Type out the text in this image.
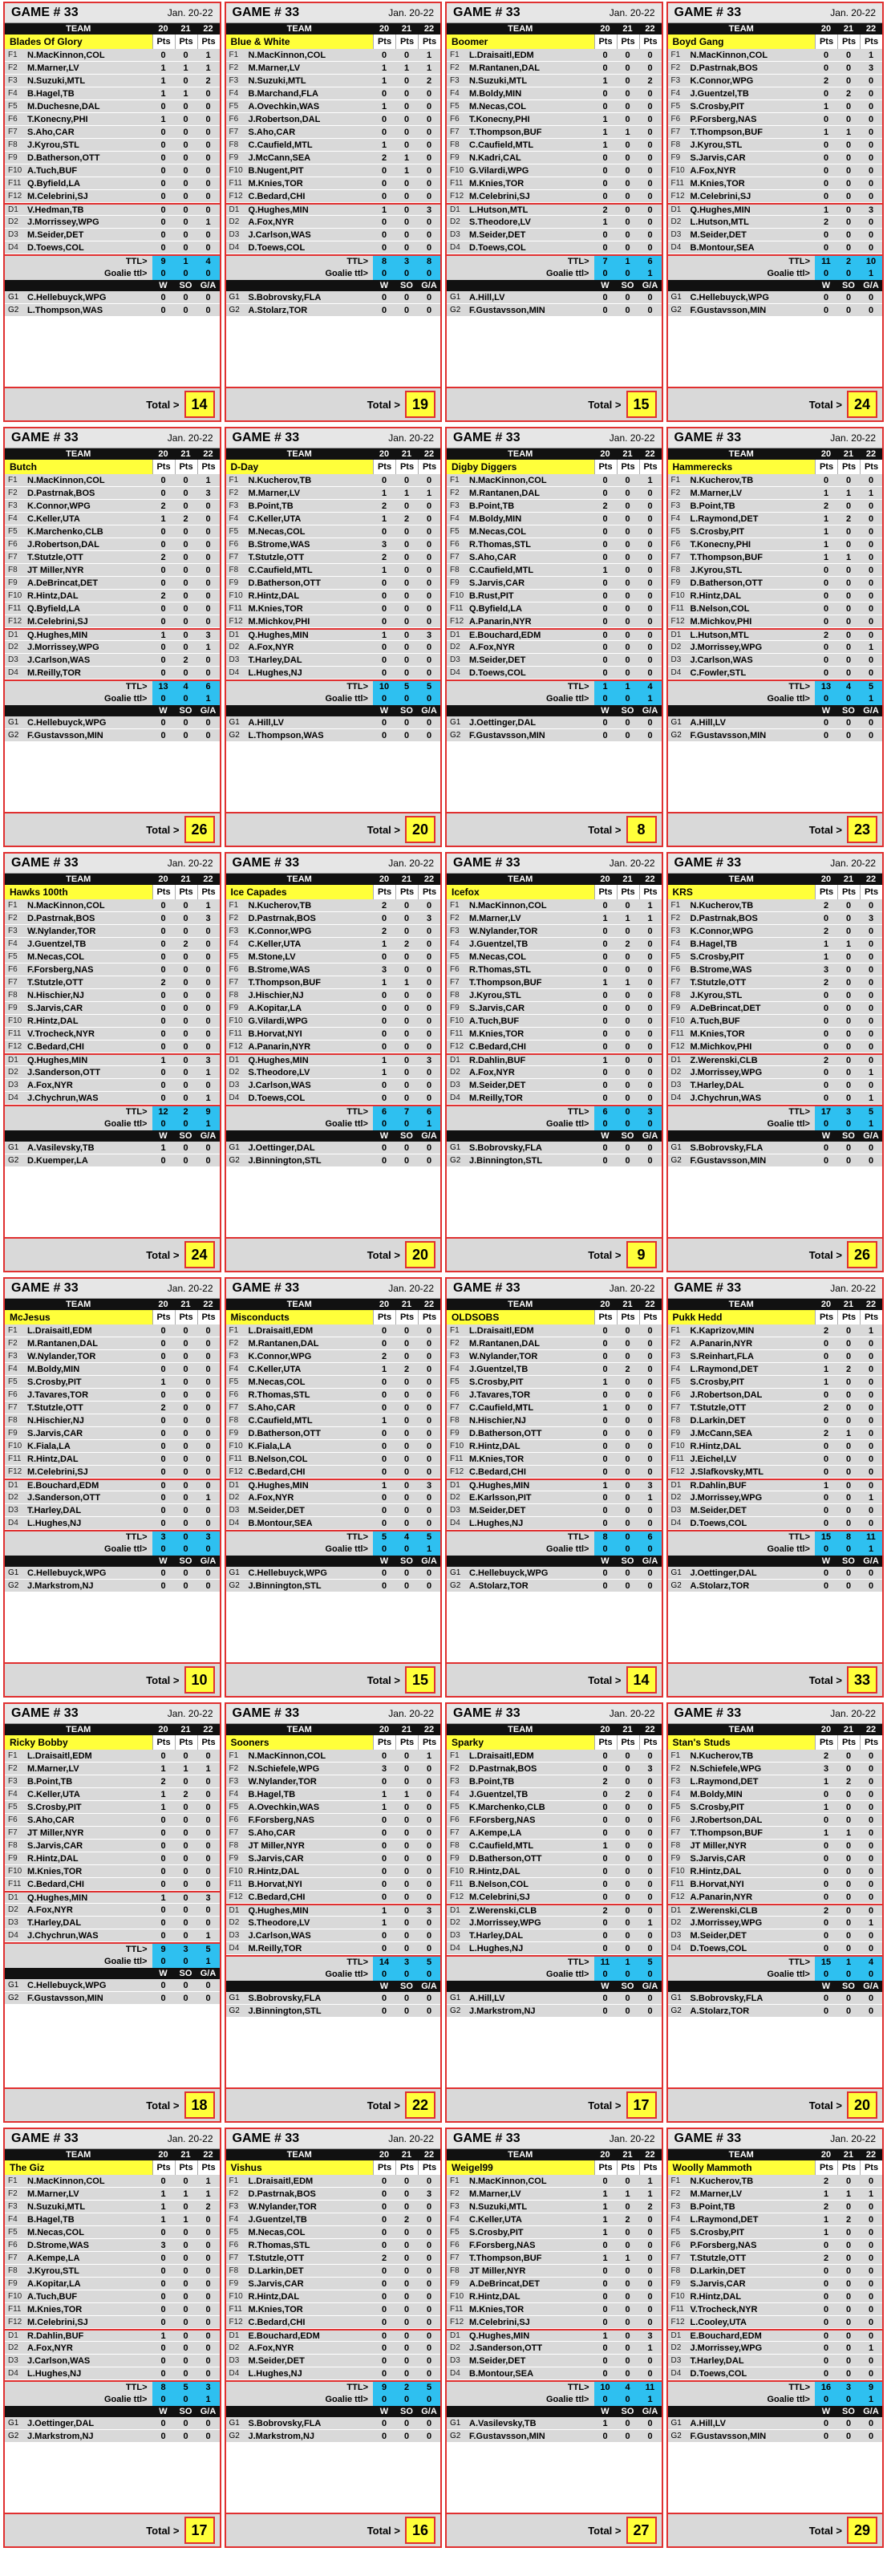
GAME # 33	Jan. 20-22
TEAM	20	21	22
Blades Of Glory	Pts Pts Pts
F1	N.MacKinnon,COL	0	0	1
F2	M.Marner,LV	1	1	1
F3	N.Suzuki,MTL	1	0	2
F4	B.Hagel,TB	1	1	0
F5	M.Duchesne,DAL	0	0	0
F6	T.Konecny,PHI	1	0	0
F7	S.Aho,CAR	0	0	0
F8	J.Kyrou,STL	0	0	0
F9	D.Batherson,OTT	0	0	0
F10 A.Tuch,BUF	0	0	0
F11 Q.Byfield,LA	0	0	0
F12 M.Celebrini,SJ	0	0	0
D1	V.Hedman,TB	0	0	0
D2	J.Morrissey,WPG	0	0	1
D3	M.Seider,DET	0	0	0
D4	D.Toews,COL	0	0	0
TTL>	9	1	4
Goalie ttl>	0	0	0
W	SO G/A
G1 C.Hellebuyck,WPG	0	0	0
G2 L.Thompson,WAS	0	0	0
Total > 14
GAME # 33	Jan. 20-22
TEAM	20	21	22
Blue & White	Pts Pts Pts
F1	N.MacKinnon,COL	0	0	1
F2	M.Marner,LV	1	1	1
F3	N.Suzuki,MTL	1	0	2
F4	B.Marchand,FLA	0	0	0
F5	A.Ovechkin,WAS	1	0	0
F6	J.Robertson,DAL	0	0	0
F7	S.Aho,CAR	0	0	0
F8	C.Caufield,MTL	1	0	0
F9	J.McCann,SEA	2	1	0
F10 B.Nugent,PIT	0	1	0
F11 M.Knies,TOR	0	0	0
F12 C.Bedard,CHI	0	0	0
D1	Q.Hughes,MIN	1	0	3
D2	A.Fox,NYR	0	0	0
D3	J.Carlson,WAS	0	0	0
D4	D.Toews,COL	0	0	0
TTL>	8	3	8
Goalie ttl>	0	0	0
W	SO G/A
G1 S.Bobrovsky,FLA	0	0	0
G2 A.Stolarz,TOR	0	0	0
Total > 19
GAME # 33	Jan. 20-22
TEAM	20	21	22
Boomer	Pts Pts Pts
F1	L.Draisaitl,EDM	0	0	0
F2	M.Rantanen,DAL	0	0	0
F3	N.Suzuki,MTL	1	0	2
F4	M.Boldy,MIN	0	0	0
F5	M.Necas,COL	0	0	0
F6	T.Konecny,PHI	1	0	0
F7	T.Thompson,BUF	1	1	0
F8	C.Caufield,MTL	1	0	0
F9	N.Kadri,CAL	0	0	0
F10 G.Vilardi,WPG	0	0	0
F11 M.Knies,TOR	0	0	0
F12 M.Celebrini,SJ	0	0	0
D1	L.Hutson,MTL	2	0	0
D2	S.Theodore,LV	1	0	0
D3	M.Seider,DET	0	0	0
D4	D.Toews,COL	0	0	0
TTL>	7	1	6
Goalie ttl>	0	0	1
W	SO G/A
G1 A.Hill,LV	0	0	0
G2 F.Gustavsson,MIN	0	0	0
Total > 15
GAME # 33	Jan. 20-22
TEAM	20	21	22
Boyd Gang	Pts Pts Pts
F1	N.MacKinnon,COL	0	0	1
F2	D.Pastrnak,BOS	0	0	3
F3	K.Connor,WPG	2	0	0
F4	J.Guentzel,TB	0	2	0
F5	S.Crosby,PIT	1	0	0
F6	P.Forsberg,NAS	0	0	0
F7	T.Thompson,BUF	1	1	0
F8	J.Kyrou,STL	0	0	0
F9	S.Jarvis,CAR	0	0	0
F10 A.Fox,NYR	0	0	0
F11 M.Knies,TOR	0	0	0
F12 M.Celebrini,SJ	0	0	0
D1	Q.Hughes,MIN	1	0	3
D2	L.Hutson,MTL	2	0	0
D3	M.Seider,DET	0	0	0
D4	B.Montour,SEA	0	0	0
TTL>	11	2	10
Goalie ttl>	0	0	1
W	SO G/A
G1 C.Hellebuyck,WPG	0	0	0
G2 F.Gustavsson,MIN	0	0	0
Total > 24
GAME # 33	Jan. 20-22
TEAM	20	21	22
Butch	Pts Pts Pts
F1	N.MacKinnon,COL	0	0	1
F2	D.Pastrnak,BOS	0	0	3
F3	K.Connor,WPG	2	0	0
F4	C.Keller,UTA	1	2	0
F5	K.Marchenko,CLB	0	0	0
F6	J.Robertson,DAL	0	0	0
F7	T.Stutzle,OTT	2	0	0
F8	JT Miller,NYR	0	0	0
F9	A.DeBrincat,DET	0	0	0
F10 R.Hintz,DAL	2	0	0
F11 Q.Byfield,LA	0	0	0
F12 M.Celebrini,SJ	0	0	0
D1	Q.Hughes,MIN	1	0	3
D2	J.Morrissey,WPG	0	0	1
D3	J.Carlson,WAS	0	2	0
D4	M.Reilly,TOR	0	0	0
TTL>	13	4	6
Goalie ttl>	0	0	1
W	SO G/A
G1 C.Hellebuyck,WPG	0	0	0
G2 F.Gustavsson,MIN	0	0	0
Total > 26
GAME # 33	Jan. 20-22
TEAM	20	21	22
D-Day	Pts Pts Pts
F1	N.Kucherov,TB	0	0	0
F2	M.Marner,LV	1	1	1
F3	B.Point,TB	2	0	0
F4	C.Keller,UTA	1	2	0
F5	M.Necas,COL	0	0	0
F6	B.Strome,WAS	3	0	0
F7	T.Stutzle,OTT	2	0	0
F8	C.Caufield,MTL	1	0	0
F9	D.Batherson,OTT	0	0	0
F10 R.Hintz,DAL	0	0	0
F11 M.Knies,TOR	0	0	0
F12 M.Michkov,PHI	0	0	0
D1	Q.Hughes,MIN	1	0	3
D2	A.Fox,NYR	0	0	0
D3	T.Harley,DAL	0	0	0
D4	L.Hughes,NJ	0	0	0
TTL>	10	5	5
Goalie ttl>	0	0	0
W	SO G/A
G1 A.Hill,LV	0	0	0
G2 L.Thompson,WAS	0	0	0
Total > 20
GAME # 33	Jan. 20-22
TEAM	20	21	22
Digby Diggers	Pts Pts Pts
F1	N.MacKinnon,COL	0	0	1
F2	M.Rantanen,DAL	0	0	0
F3	B.Point,TB	2	0	0
F4	M.Boldy,MIN	0	0	0
F5	M.Necas,COL	0	0	0
F6	R.Thomas,STL	0	0	0
F7	S.Aho,CAR	0	0	0
F8	C.Caufield,MTL	1	0	0
F9	S.Jarvis,CAR	0	0	0
F10 B.Rust,PIT	0	0	0
F11 Q.Byfield,LA	0	0	0
F12 A.Panarin,NYR	0	0	0
D1	E.Bouchard,EDM	0	0	0
D2	A.Fox,NYR	0	0	0
D3	M.Seider,DET	0	0	0
D4	D.Toews,COL	0	0	0
TTL>	1	1	4
Goalie ttl>	0	0	1
W	SO G/A
G1 J.Oettinger,DAL	0	0	0
G2 F.Gustavsson,MIN	0	0	0
Total >	8
GAME # 33	Jan. 20-22
TEAM	20	21	22
Hammerecks	Pts Pts Pts
F1	N.Kucherov,TB	0	0	0
F2	M.Marner,LV	1	1	1
F3	B.Point,TB	2	0	0
F4	L.Raymond,DET	1	2	0
F5	S.Crosby,PIT	1	0	0
F6	T.Konecny,PHI	1	0	0
F7	T.Thompson,BUF	1	1	0
F8	J.Kyrou,STL	0	0	0
F9	D.Batherson,OTT	0	0	0
F10 R.Hintz,DAL	0	0	0
F11 B.Nelson,COL	0	0	0
F12 M.Michkov,PHI	0	0	0
D1	L.Hutson,MTL	2	0	0
D2	J.Morrissey,WPG	0	0	1
D3	J.Carlson,WAS	0	0	0
D4	C.Fowler,STL	0	0	0
TTL>	13	4	5
Goalie ttl>	0	0	1
W	SO G/A
G1 A.Hill,LV	0	0	0
G2 F.Gustavsson,MIN	0	0	0
Total > 23
GAME # 33	Jan. 20-22
TEAM	20	21	22
Hawks 100th	Pts Pts Pts
F1	N.MacKinnon,COL	0	0	1
F2	D.Pastrnak,BOS	0	0	3
F3	W.Nylander,TOR	0	0	0
F4	J.Guentzel,TB	0	2	0
F5	M.Necas,COL	0	0	0
F6	F.Forsberg,NAS	0	0	0
F7	T.Stutzle,OTT	2	0	0
F8	N.Hischier,NJ	0	0	0
F9	S.Jarvis,CAR	0	0	0
F10 R.Hintz,DAL	0	0	0
F11 V.Trocheck,NYR	0	0	0
F12 C.Bedard,CHI	0	0	0
D1	Q.Hughes,MIN	1	0	3
D2	J.Sanderson,OTT	0	0	1
D3	A.Fox,NYR	0	0	0
D4	J.Chychrun,WAS	0	0	1
TTL>	12	2	9
Goalie ttl>	0	0	1
W	SO G/A
G1 A.Vasilevsky,TB	1	0	0
G2 D.Kuemper,LA	0	0	0
Total > 24
GAME # 33	Jan. 20-22
TEAM	20	21	22
Ice Capades	Pts Pts Pts
F1	N.Kucherov,TB	2	0	0
F2	D.Pastrnak,BOS	0	0	3
F3	K.Connor,WPG	2	0	0
F4	C.Keller,UTA	1	2	0
F5	M.Stone,LV	0	0	0
F6	B.Strome,WAS	3	0	0
F7	T.Thompson,BUF	1	1	0
F8	J.Hischier,NJ	0	0	0
F9	A.Kopitar,LA	0	0	0
F10 G.Vilardi,WPG	0	0	0
F11 B.Horvat,NYI	0	0	0
F12 A.Panarin,NYR	0	0	0
D1	Q.Hughes,MIN	1	0	3
D2	S.Theodore,LV	1	0	0
D3	J.Carlson,WAS	0	0	0
D4	D.Toews,COL	0	0	0
TTL>	6	7	6
Goalie ttl>	0	0	1
W	SO G/A
G1 J.Oettinger,DAL	0	0	0
G2 J.Binnington,STL	0	0	0
Total > 20
GAME # 33	Jan. 20-22
TEAM	20	21	22
Icefox	Pts Pts Pts
F1	N.MacKinnon,COL	0	0	1
F2	M.Marner,LV	1	1	1
F3	W.Nylander,TOR	0	0	0
F4	J.Guentzel,TB	0	2	0
F5	M.Necas,COL	0	0	0
F6	R.Thomas,STL	0	0	0
F7	T.Thompson,BUF	1	1	0
F8	J.Kyrou,STL	0	0	0
F9	S.Jarvis,CAR	0	0	0
F10 A.Tuch,BUF	0	0	0
F11 M.Knies,TOR	0	0	0
F12 C.Bedard,CHI	0	0	0
D1	R.Dahlin,BUF	1	0	0
D2	A.Fox,NYR	0	0	0
D3	M.Seider,DET	0	0	0
D4	M.Reilly,TOR	0	0	0
TTL>	6	0	3
Goalie ttl>	0	0	0
W	SO G/A
G1 S.Bobrovsky,FLA	0	0	0
G2 J.Binnington,STL	0	0	0
Total >	9
GAME # 33	Jan. 20-22
TEAM	20	21	22
KRS	Pts Pts Pts
F1	N.Kucherov,TB	2	0	0
F2	D.Pastrnak,BOS	0	0	3
F3	K.Connor,WPG	2	0	0
F4	B.Hagel,TB	1	1	0
F5	S.Crosby,PIT	1	0	0
F6	B.Strome,WAS	3	0	0
F7	T.Stutzle,OTT	2	0	0
F8	J.Kyrou,STL	0	0	0
F9	A.DeBrincat,DET	0	0	0
F10 A.Tuch,BUF	0	0	0
F11 M.Knies,TOR	0	0	0
F12 M.Michkov,PHI	0	0	0
D1	Z.Werenski,CLB	2	0	0
D2	J.Morrissey,WPG	0	0	1
D3	T.Harley,DAL	0	0	0
D4	J.Chychrun,WAS	0	0	1
TTL>	17	3	5
Goalie ttl>	0	0	1
W	SO G/A
G1 S.Bobrovsky,FLA	0	0	0
G2 F.Gustavsson,MIN	0	0	0
Total > 26
GAME # 33	Jan. 20-22
TEAM	20	21	22
McJesus	Pts Pts Pts
F1	L.Draisaitl,EDM	0	0	0
F2	M.Rantanen,DAL	0	0	0
F3	W.Nylander,TOR	0	0	0
F4	M.Boldy,MIN	0	0	0
F5	S.Crosby,PIT	1	0	0
F6	J.Tavares,TOR	0	0	0
F7	T.Stutzle,OTT	2	0	0
F8	N.Hischier,NJ	0	0	0
F9	S.Jarvis,CAR	0	0	0
F10 K.Fiala,LA	0	0	0
F11 R.Hintz,DAL	0	0	0
F12 M.Celebrini,SJ	0	0	0
D1	E.Bouchard,EDM	0	0	0
D2	J.Sanderson,OTT	0	0	1
D3	T.Harley,DAL	0	0	0
D4	L.Hughes,NJ	0	0	0
TTL>	3	0	3
Goalie ttl>	0	0	0
W	SO G/A
G1 C.Hellebuyck,WPG	0	0	0
G2 J.Markstrom,NJ	0	0	0
Total > 10
GAME # 33	Jan. 20-22
TEAM	20	21	22
Misconducts	Pts Pts Pts
F1	L.Draisaitl,EDM	0	0	0
F2	M.Rantanen,DAL	0	0	0
F3	K.Connor,WPG	2	0	0
F4	C.Keller,UTA	1	2	0
F5	M.Necas,COL	0	0	0
F6	R.Thomas,STL	0	0	0
F7	S.Aho,CAR	0	0	0
F8	C.Caufield,MTL	1	0	0
F9	D.Batherson,OTT	0	0	0
F10 K.Fiala,LA	0	0	0
F11 B.Nelson,COL	0	0	0
F12 C.Bedard,CHI	0	0	0
D1	Q.Hughes,MIN	1	0	3
D2	A.Fox,NYR	0	0	0
D3	M.Seider,DET	0	0	0
D4	B.Montour,SEA	0	0	0
TTL>	5	4	5
Goalie ttl>	0	0	1
W	SO G/A
G1 C.Hellebuyck,WPG	0	0	0
G2 J.Binnington,STL	0	0	0
Total > 15
GAME # 33	Jan. 20-22
TEAM	20	21	22
OLDSOBS	Pts Pts Pts
F1	L.Draisaitl,EDM	0	0	0
F2	M.Rantanen,DAL	0	0	0
F3	W.Nylander,TOR	0	0	0
F4	J.Guentzel,TB	0	2	0
F5	S.Crosby,PIT	1	0	0
F6	J.Tavares,TOR	0	0	0
F7	C.Caufield,MTL	1	0	0
F8	N.Hischier,NJ	0	0	0
F9	D.Batherson,OTT	0	0	0
F10 R.Hintz,DAL	0	0	0
F11 M.Knies,TOR	0	0	0
F12 C.Bedard,CHI	0	0	0
D1	Q.Hughes,MIN	1	0	3
D2	E.Karlsson,PIT	0	0	1
D3	M.Seider,DET	0	0	0
D4	L.Hughes,NJ	0	0	0
TTL>	8	0	6
Goalie ttl>	0	0	0
W	SO G/A
G1 C.Hellebuyck,WPG	0	0	0
G2 A.Stolarz,TOR	0	0	0
Total > 14
GAME # 33	Jan. 20-22
TEAM	20	21	22
Pukk Hedd	Pts Pts Pts
F1	K.Kaprizov,MIN	2	0	1
F2	A.Panarin,NYR	0	0	0
F3	S.Reinhart,FLA	0	0	0
F4	L.Raymond,DET	1	2	0
F5	S.Crosby,PIT	1	0	0
F6	J.Robertson,DAL	0	0	0
F7	T.Stutzle,OTT	2	0	0
F8	D.Larkin,DET	0	0	0
F9	J.McCann,SEA	2	1	0
F10 R.Hintz,DAL	0	0	0
F11 J.Eichel,LV	0	0	0
F12 J.Slafkovsky,MTL	0	0	0
D1	R.Dahlin,BUF	1	0	0
D2	J.Morrissey,WPG	0	0	1
D3	M.Seider,DET	0	0	0
D4	D.Toews,COL	0	0	0
TTL>	15	8	11
Goalie ttl>	0	0	1
W	SO G/A
G1 J.Oettinger,DAL	0	0	0
G2 A.Stolarz,TOR	0	0	0
Total > 33
GAME # 33	Jan. 20-22
TEAM	20	21	22
Ricky Bobby	Pts Pts Pts
F1	L.Draisaitl,EDM	0	0	0
F2	M.Marner,LV	1	1	1
F3	B.Point,TB	2	0	0
F4	C.Keller,UTA	1	2	0
F5	S.Crosby,PIT	1	0	0
F6	S.Aho,CAR	0	0	0
F7	JT Miller,NYR	0	0	0
F8	S.Jarvis,CAR	0	0	0
F9	R.Hintz,DAL	0	0	0
F10 M.Knies,TOR	0	0	0
F11 C.Bedard,CHI	0	0	0
D1	Q.Hughes,MIN	1	0	3
D2	A.Fox,NYR	0	0	0
D3	T.Harley,DAL	0	0	0
D4	J.Chychrun,WAS	0	0	1
TTL>	9	3	5
Goalie ttl>	0	0	1
W	SO G/A
G1 C.Hellebuyck,WPG	0	0	0
G2 F.Gustavsson,MIN	0	0	0
Total > 18
GAME # 33	Jan. 20-22
TEAM	20	21	22
Sooners	Pts Pts Pts
F1	N.MacKinnon,COL	0	0	1
F2	N.Schiefele,WPG	3	0	0
F3	W.Nylander,TOR	0	0	0
F4	B.Hagel,TB	1	1	0
F5	A.Ovechkin,WAS	1	0	0
F6	F.Forsberg,NAS	0	0	0
F7	S.Aho,CAR	0	0	0
F8	JT Miller,NYR	0	0	0
F9	S.Jarvis,CAR	0	0	0
F10 R.Hintz,DAL	0	0	0
F11 B.Horvat,NYI	0	0	0
F12 C.Bedard,CHI	0	0	0
D1	Q.Hughes,MIN	1	0	3
D2	S.Theodore,LV	1	0	0
D3	J.Carlson,WAS	0	0	0
D4	M.Reilly,TOR	0	0	0
TTL>	14	3	5
Goalie ttl>	0	0	0
W	SO G/A
G1 S.Bobrovsky,FLA	0	0	0
G2 J.Binnington,STL	0	0	0
Total > 22
GAME # 33	Jan. 20-22
TEAM	20	21	22
Sparky	Pts Pts Pts
F1	L.Draisaitl,EDM	0	0	0
F2	D.Pastrnak,BOS	0	0	3
F3	B.Point,TB	2	0	0
F4	J.Guentzel,TB	0	2	0
F5	K.Marchenko,CLB	0	0	0
F6	F.Forsberg,NAS	0	0	0
F7	A.Kempe,LA	0	0	0
F8	C.Caufield,MTL	1	0	0
F9	D.Batherson,OTT	0	0	0
F10 R.Hintz,DAL	0	0	0
F11 B.Nelson,COL	0	0	0
F12 M.Celebrini,SJ	0	0	0
D1	Z.Werenski,CLB	2	0	0
D2	J.Morrissey,WPG	0	0	1
D3	T.Harley,DAL	0	0	0
D4	L.Hughes,NJ	0	0	0
TTL>	11	1	5
Goalie ttl>	0	0	0
W	SO G/A
G1 A.Hill,LV	0	0	0
G2 J.Markstrom,NJ	0	0	0
Total > 17
GAME # 33	Jan. 20-22
TEAM	20	21	22
Stan's Studs	Pts Pts Pts
F1	N.Kucherov,TB	2	0	0
F2	N.Schiefele,WPG	3	0	0
F3	L.Raymond,DET	1	2	0
F4	M.Boldy,MIN	0	0	0
F5	S.Crosby,PIT	1	0	0
F6	J.Robertson,DAL	0	0	0
F7	T.Thompson,BUF	1	1	0
F8	JT Miller,NYR	0	0	0
F9	S.Jarvis,CAR	0	0	0
F10 R.Hintz,DAL	0	0	0
F11 B.Horvat,NYI	0	0	0
F12 A.Panarin,NYR	0	0	0
D1	Z.Werenski,CLB	2	0	0
D2	J.Morrissey,WPG	0	0	1
D3	M.Seider,DET	0	0	0
D4	D.Toews,COL	0	0	0
TTL>	15	1	4
Goalie ttl>	0	0	0
W	SO G/A
G1 S.Bobrovsky,FLA	0	0	0
G2 A.Stolarz,TOR	0	0	0
Total > 20
GAME # 33	Jan. 20-22
TEAM	20	21	22
The Giz	Pts Pts Pts
F1	N.MacKinnon,COL	0	0	1
F2	M.Marner,LV	1	1	1
F3	N.Suzuki,MTL	1	0	2
F4	B.Hagel,TB	1	1	0
F5	M.Necas,COL	0	0	0
F6	D.Strome,WAS	3	0	0
F7	A.Kempe,LA	0	0	0
F8	J.Kyrou,STL	0	0	0
F9	A.Kopitar,LA	0	0	0
F10 A.Tuch,BUF	0	0	0
F11 M.Knies,TOR	0	0	0
F12 M.Celebrini,SJ	0	0	0
D1	R.Dahlin,BUF	1	0	0
D2	A.Fox,NYR	0	0	0
D3	J.Carlson,WAS	0	0	0
D4	L.Hughes,NJ	0	0	0
TTL>	8	5	3
Goalie ttl>	0	0	1
W	SO G/A
G1 J.Oettinger,DAL	0	0	0
G2 J.Markstrom,NJ	0	0	0
Total > 17
GAME # 33	Jan. 20-22
TEAM	20	21	22
Vishus	Pts Pts Pts
F1	L.Draisaitl,EDM	0	0	0
F2	D.Pastrnak,BOS	0	0	3
F3	W.Nylander,TOR	0	0	0
F4	J.Guentzel,TB	0	2	0
F5	M.Necas,COL	0	0	0
F6	R.Thomas,STL	0	0	0
F7	T.Stutzle,OTT	2	0	0
F8	D.Larkin,DET	0	0	0
F9	S.Jarvis,CAR	0	0	0
F10 R.Hintz,DAL	0	0	0
F11 M.Knies,TOR	0	0	0
F12 C.Bedard,CHI	0	0	0
D1	E.Bouchard,EDM	0	0	0
D2	A.Fox,NYR	0	0	0
D3	M.Seider,DET	0	0	0
D4	L.Hughes,NJ	0	0	0
TTL>	9	2	5
Goalie ttl>	0	0	0
W	SO G/A
G1 S.Bobrovsky,FLA	0	0	0
G2 J.Markstrom,NJ	0	0	0
Total > 16
GAME # 33	Jan. 20-22
TEAM	20	21	22
Weigel99	Pts Pts Pts
F1	N.MacKinnon,COL	0	0	1
F2	M.Marner,LV	1	1	1
F3	N.Suzuki,MTL	1	0	2
F4	C.Keller,UTA	1	2	0
F5	S.Crosby,PIT	1	0	0
F6	F.Forsberg,NAS	0	0	0
F7	T.Thompson,BUF	1	1	0
F8	JT Miller,NYR	0	0	0
F9	A.DeBrincat,DET	0	0	0
F10 R.Hintz,DAL	0	0	0
F11 M.Knies,TOR	0	0	0
F12 M.Celebrini,SJ	0	0	0
D1	Q.Hughes,MIN	1	0	3
D2	J.Sanderson,OTT	0	0	1
D3	M.Seider,DET	0	0	0
D4	B.Montour,SEA	0	0	0
TTL>	10	4	11
Goalie ttl>	0	0	1
W	SO G/A
G1 A.Vasilevsky,TB	1	0	0
G2 F.Gustavsson,MIN	0	0	0
Total > 27
GAME # 33	Jan. 20-22
TEAM	20	21	22
Woolly Mammoth	Pts Pts Pts
F1	N.Kucherov,TB	2	0	0
F2	M.Marner,LV	1	1	1
F3	B.Point,TB	2	0	0
F4	L.Raymond,DET	1	2	0
F5	S.Crosby,PIT	1	0	0
F6	P.Forsberg,NAS	0	0	0
F7	T.Stutzle,OTT	2	0	0
F8	D.Larkin,DET	0	0	0
F9	S.Jarvis,CAR	0	0	0
F10 R.Hintz,DAL	0	0	0
F11 V.Trocheck,NYR	0	0	0
F12 L.Cooley,UTA	0	0	0
D1	E.Bouchard,EDM	0	0	0
D2	J.Morrissey,WPG	0	0	1
D3	T.Harley,DAL	0	0	0
D4	D.Toews,COL	0	0	0
TTL>	16	3	9
Goalie ttl>	0	0	1
W	SO G/A
G1 A.Hill,LV	0	0	0
G2 F.Gustavsson,MIN	0	0	0
Total > 29
